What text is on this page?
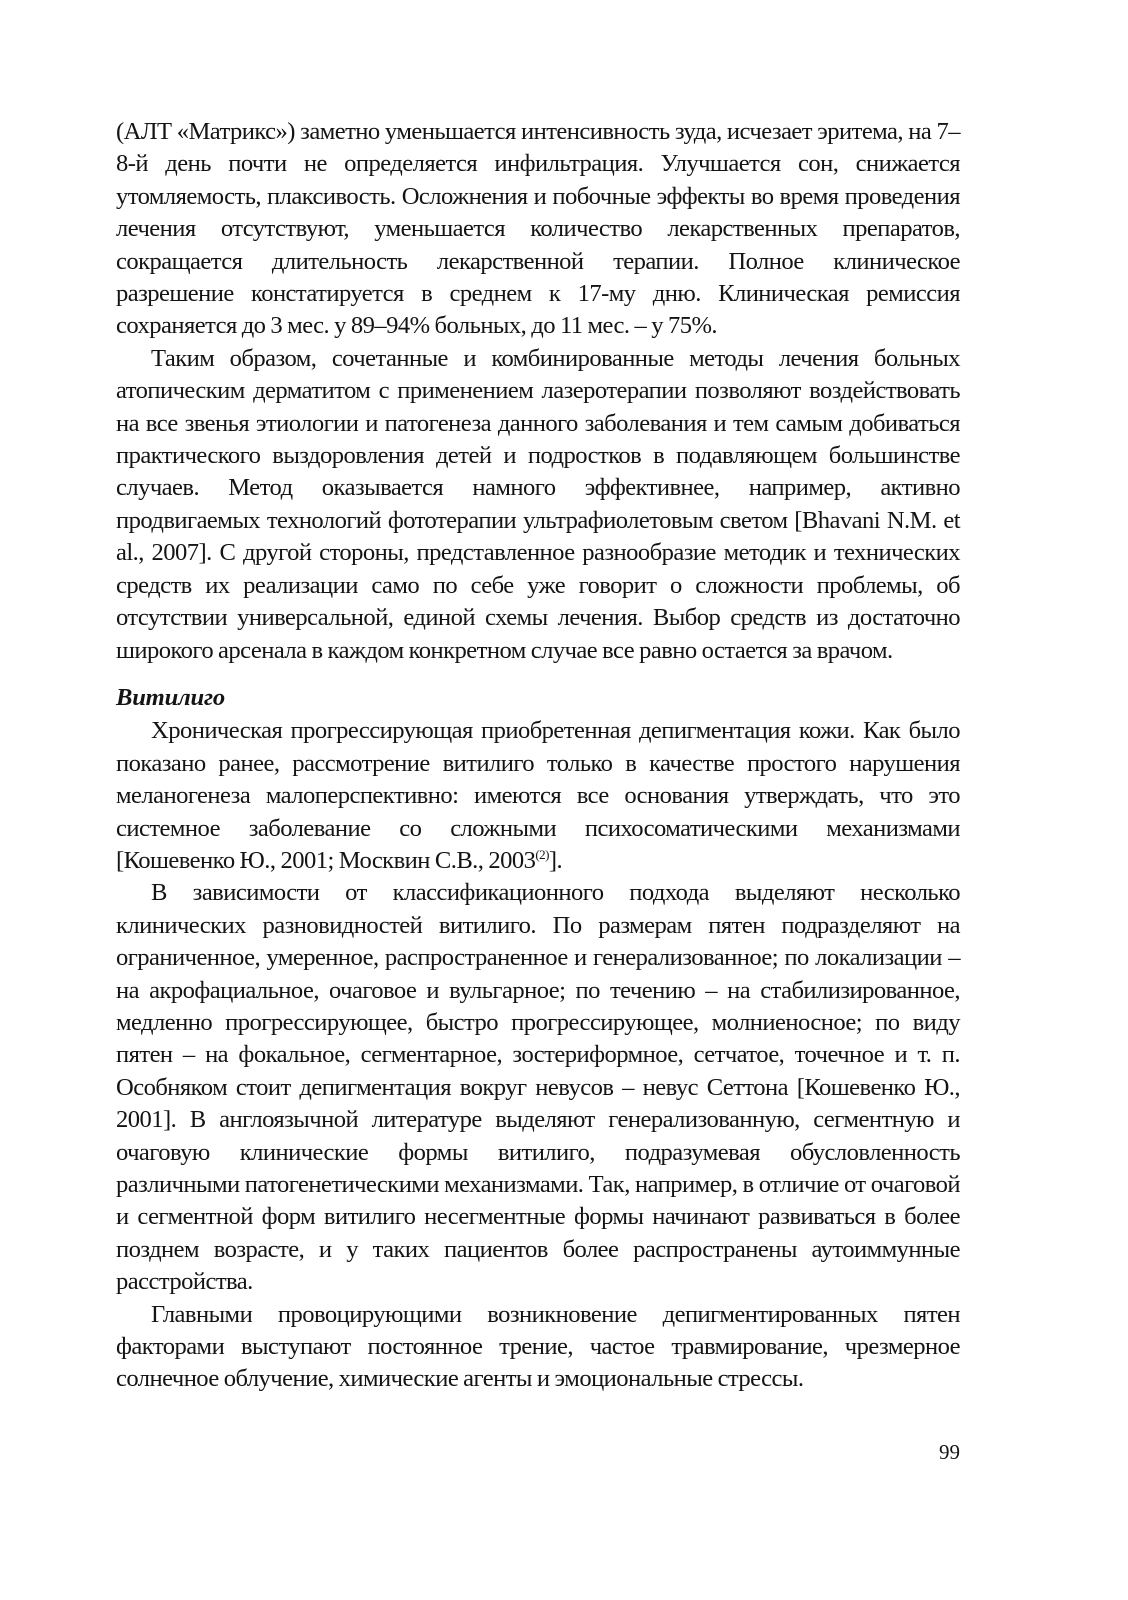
(АЛТ «Матрикс») заметно уменьшается интенсивность зуда, исчезает эритема, на 7–8-й день почти не определяется инфильтрация. Улучшается сон, снижается утомляемость, плаксивость. Осложнения и побочные эффекты во время проведения лечения отсутствуют, уменьшается количество лекарственных препаратов, сокращается длительность лекарственной терапии. Полное клиническое разрешение констатируется в среднем к 17-му дню. Клиническая ремиссия сохраняется до 3 мес. у 89–94% больных, до 11 мес. – у 75%.

Таким образом, сочетанные и комбинированные методы лечения больных атопическим дерматитом с применением лазеротерапии позволяют воздействовать на все звенья этиологии и патогенеза данного заболевания и тем самым добиваться практического выздоровления детей и подростков в подавляющем большинстве случаев. Метод оказывается намного эффективнее, например, активно продвигаемых технологий фототерапии ультрафиолетовым светом [Bhavani N.M. et al., 2007]. С другой стороны, представленное разнообразие методик и технических средств их реализации само по себе уже говорит о сложности проблемы, об отсутствии универсальной, единой схемы лечения. Выбор средств из достаточно широкого арсенала в каждом конкретном случае все равно остается за врачом.

Витилиго

Хроническая прогрессирующая приобретенная депигментация кожи. Как было показано ранее, рассмотрение витилиго только в качестве простого нарушения меланогенеза малоперспективно: имеются все основания утверждать, что это системное заболевание со сложными психосоматическими механизмами [Кошевенко Ю., 2001; Москвин С.В., 2003$^{(2)}$].

В зависимости от классификационного подхода выделяют несколько клинических разновидностей витилиго. По размерам пятен подразделяют на ограниченное, умеренное, распространенное и генерализованное; по локализации – на акрофациальное, очаговое и вульгарное; по течению – на стабилизированное, медленно прогрессирующее, быстро прогрессирующее, молниеносное; по виду пятен – на фокальное, сегментарное, зостериформное, сетчатое, точечное и т. п. Особняком стоит депигментация вокруг невусов – невус Сеттона [Кошевенко Ю., 2001]. В англоязычной литературе выделяют генерализованную, сегментную и очаговую клинические формы витилиго, подразумевая обусловленность различными патогенетическими механизмами. Так, например, в отличие от очаговой и сегментной форм витилиго несегментные формы начинают развиваться в более позднем возрасте, и у таких пациентов более распространены аутоиммунные расстройства.

Главными провоцирующими возникновение депигментированных пятен факторами выступают постоянное трение, частое травмирование, чрезмерное солнечное облучение, химические агенты и эмоциональные стрессы.

99
